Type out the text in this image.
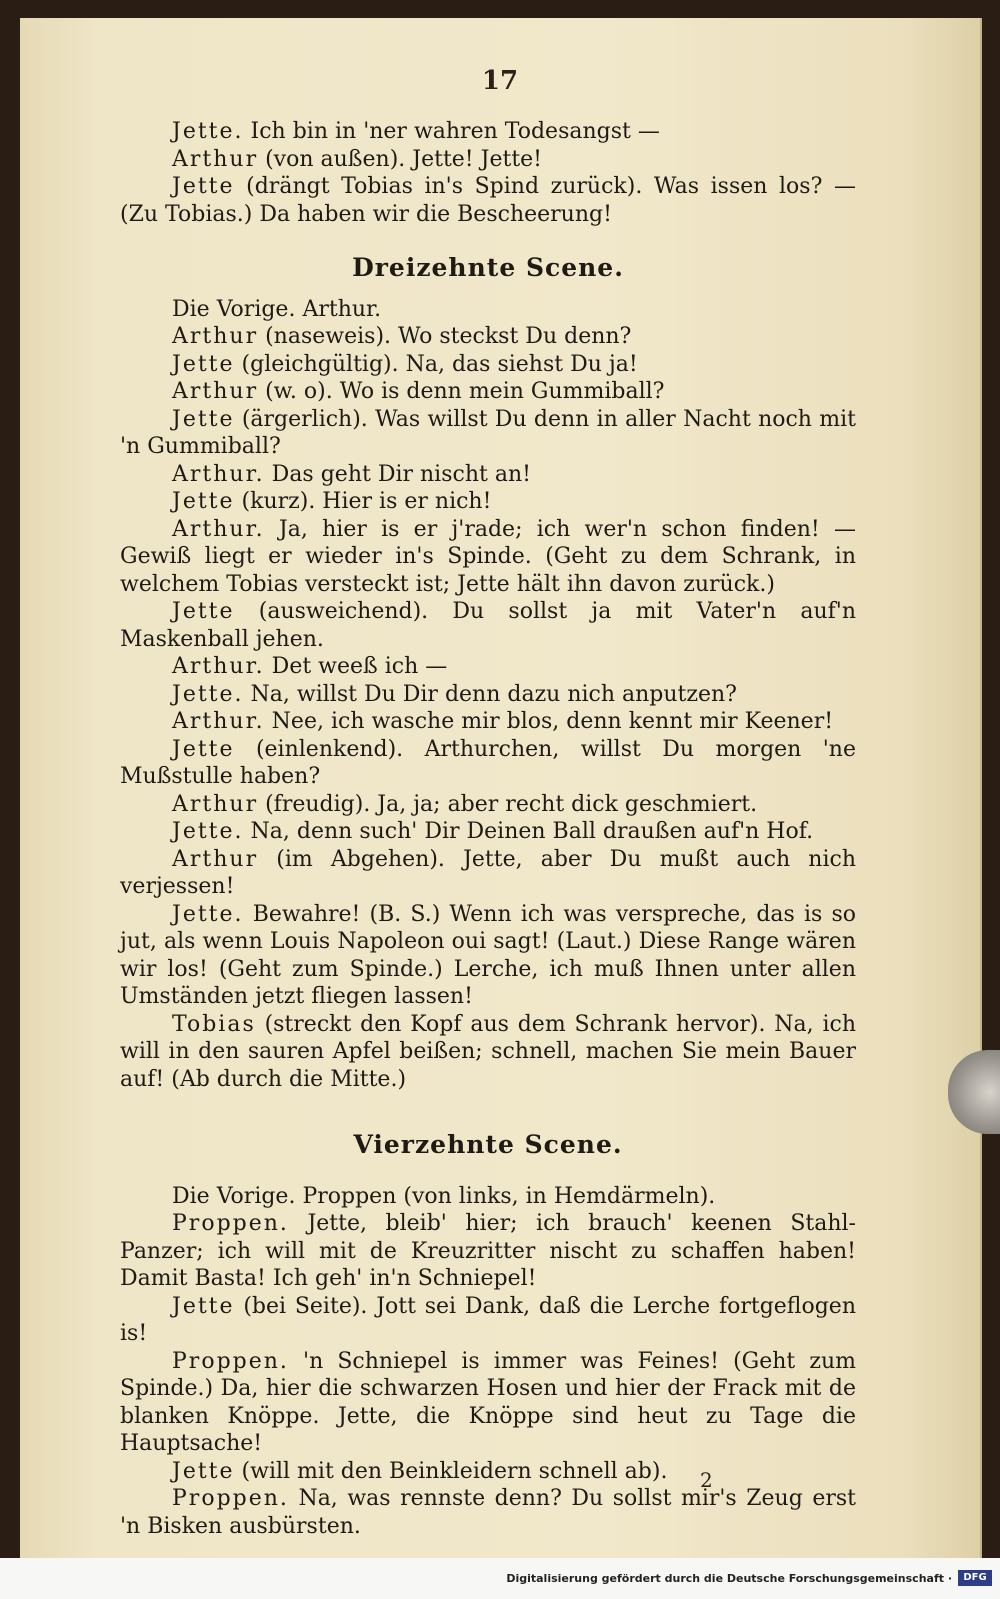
17

Jette. Ich bin in 'ner wahren Todesangst —

Arthur (von außen). Jette! Jette!

Jette (drängt Tobias in's Spind zurück). Was issen los? — (Zu Tobias.) Da haben wir die Bescheerung!

Dreizehnte Scene.

Die Vorige. Arthur.

Arthur (naseweis). Wo steckst Du denn?

Jette (gleichgültig). Na, das siehst Du ja!

Arthur (w. o). Wo is denn mein Gummiball?

Jette (ärgerlich). Was willst Du denn in aller Nacht noch mit 'n Gummiball?

Arthur. Das geht Dir nischt an!

Jette (kurz). Hier is er nich!

Arthur. Ja, hier is er j'rade; ich wer'n schon finden! — Gewiß liegt er wieder in's Spinde. (Geht zu dem Schrank, in welchem Tobias versteckt ist; Jette hält ihn davon zurück.)

Jette (ausweichend). Du sollst ja mit Vater'n auf'n Maskenball jehen.

Arthur. Det weeß ich —

Jette. Na, willst Du Dir denn dazu nich anputzen?

Arthur. Nee, ich wasche mir blos, denn kennt mir Keener!

Jette (einlenkend). Arthurchen, willst Du morgen 'ne Mußstulle haben?

Arthur (freudig). Ja, ja; aber recht dick geschmiert.

Jette. Na, denn such' Dir Deinen Ball draußen auf'n Hof.

Arthur (im Abgehen). Jette, aber Du mußt auch nich verjessen!

Jette. Bewahre! (B. S.) Wenn ich was verspreche, das is so jut, als wenn Louis Napoleon oui sagt! (Laut.) Diese Range wären wir los! (Geht zum Spinde.) Lerche, ich muß Ihnen unter allen Umständen jetzt fliegen lassen!

Tobias (streckt den Kopf aus dem Schrank hervor). Na, ich will in den sauren Apfel beißen; schnell, machen Sie mein Bauer auf! (Ab durch die Mitte.)

Vierzehnte Scene.

Die Vorige. Proppen (von links, in Hemdärmeln).

Proppen. Jette, bleib' hier; ich brauch' keenen Stahl-Panzer; ich will mit de Kreuzritter nischt zu schaffen haben! Damit Basta! Ich geh' in'n Schniepel!

Jette (bei Seite). Jott sei Dank, daß die Lerche fortgeflogen is!

Proppen. 'n Schniepel is immer was Feines! (Geht zum Spinde.) Da, hier die schwarzen Hosen und hier der Frack mit de blanken Knöppe. Jette, die Knöppe sind heut zu Tage die Hauptsache!

Jette (will mit den Beinkleidern schnell ab).

Proppen. Na, was rennste denn? Du sollst mir's Zeug erst 'n Bisken ausbürsten.

2
Digitalisierung gefördert durch die Deutsche Forschungsgemeinschaft ·	DFG
